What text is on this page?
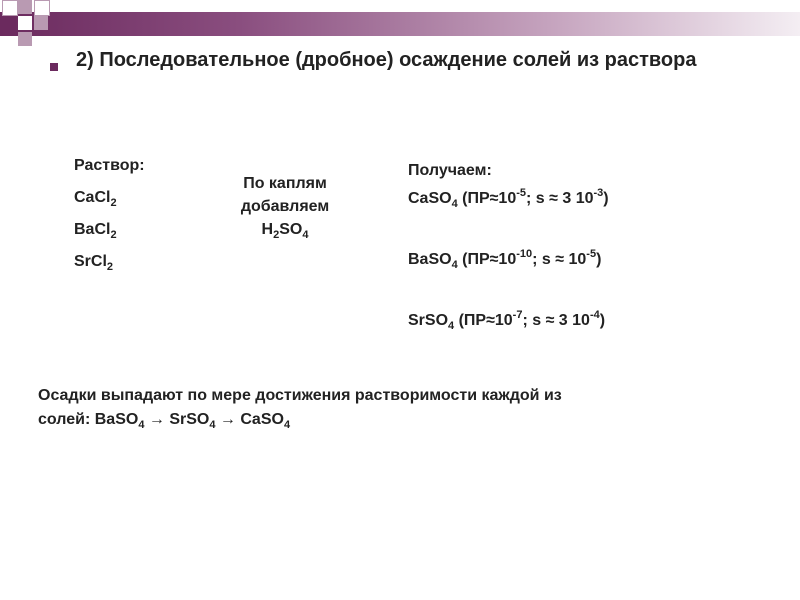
2) Последовательное (дробное) осаждение солей из раствора
Раствор:
CaCl$_2$
BaCl$_2$
SrCl$_2$
По каплям
добавляем
$H_2SO_4$
Получаем:
CaSO$_4$ ($ПР\approx 10^{-5}$; s ≈ 3 $10^{-3}$)
BaSO$_4$ ($ПР\approx 10^{-10}$; $s \approx 10^{-5}$)
SrSO$_4$ ($ПР\approx 10^{-7}$; s ≈ 3 $10^{-4}$)
Осадки выпадают по мере достижения растворимости каждой из
солей: BaSO$_4$ → SrSO$_4$ → CaSO$_4$
